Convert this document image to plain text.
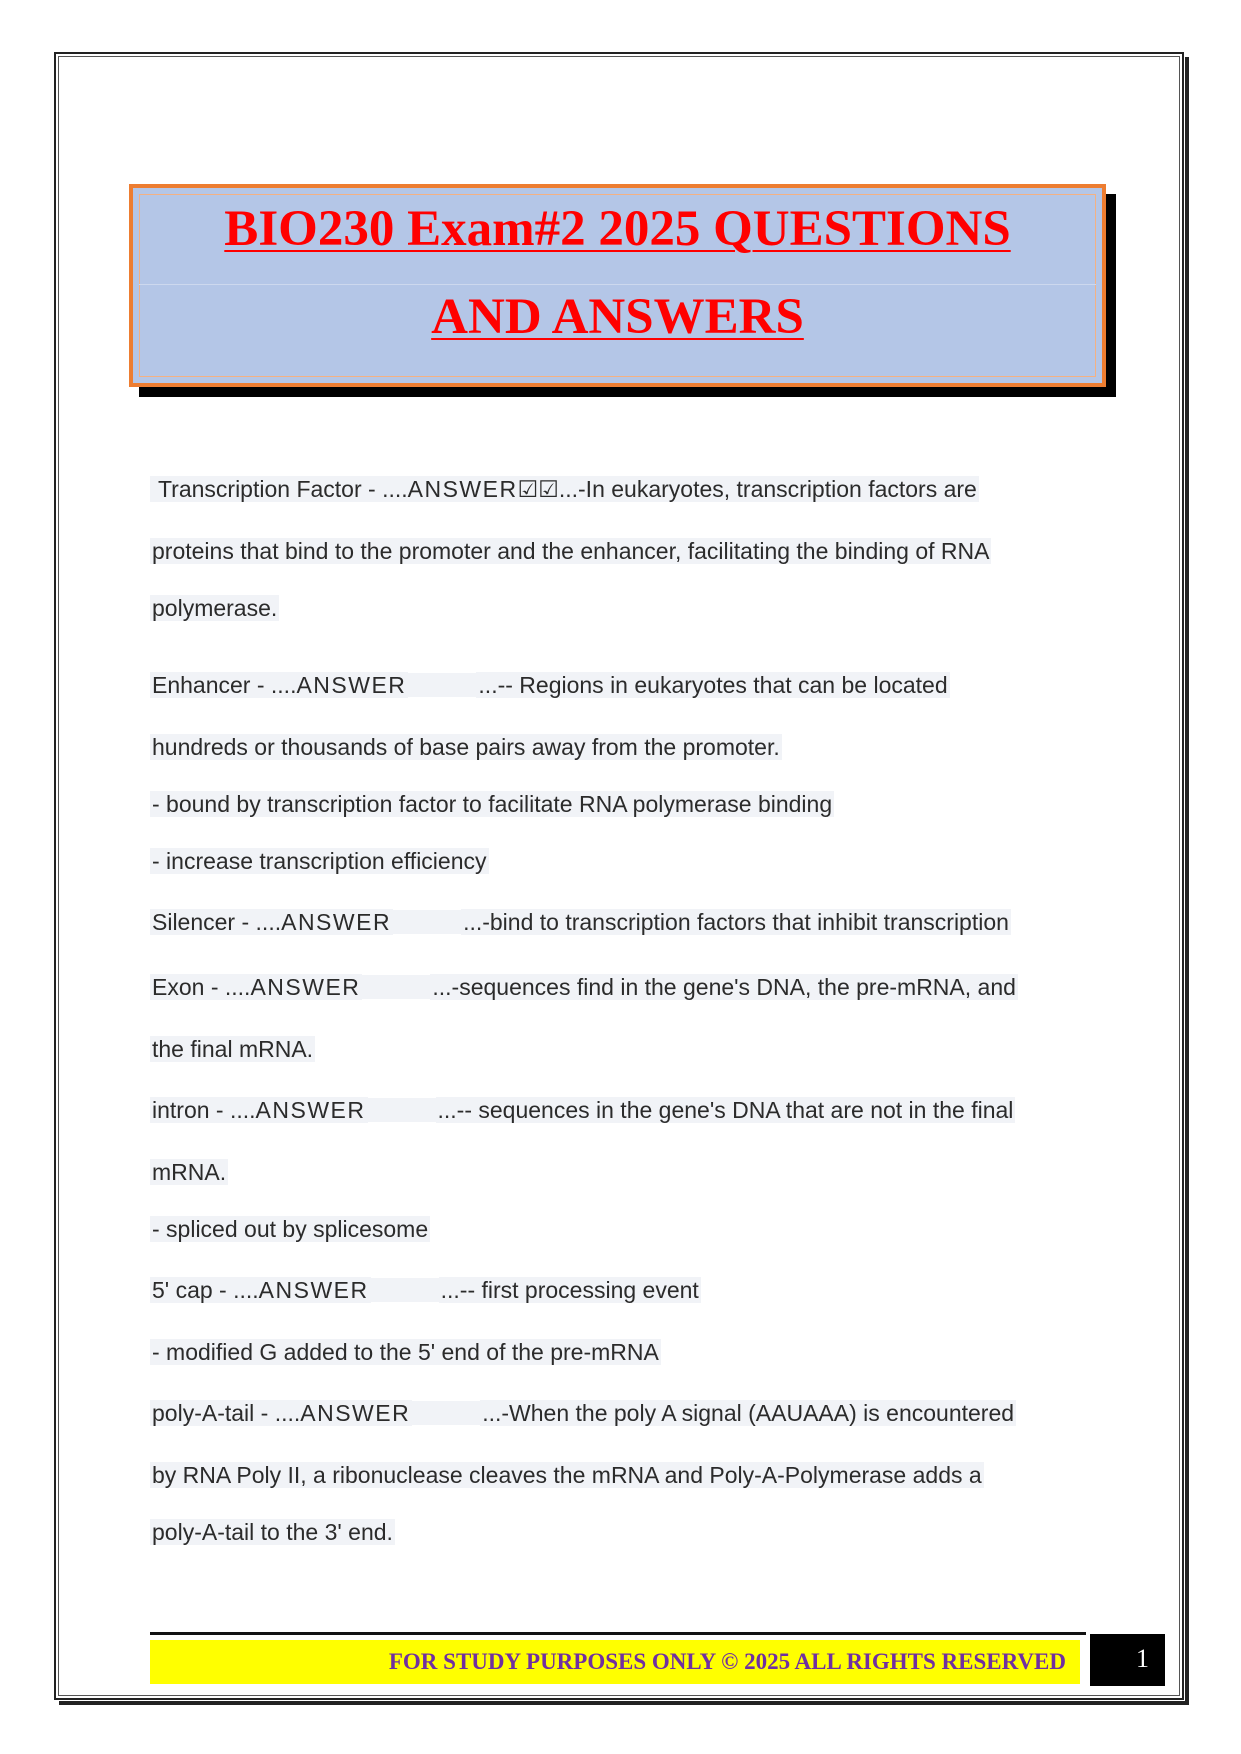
BIO230 Exam#2 2025 QUESTIONS
AND ANSWERS
Transcription Factor - ....ANSWER☑☑...-In eukaryotes, transcription factors are
proteins that bind to the promoter and the enhancer, facilitating the binding of RNA
polymerase.
Enhancer - ....ANSWER	...-- Regions in eukaryotes that can be located
hundreds or thousands of base pairs away from the promoter.
- bound by transcription factor to facilitate RNA polymerase binding
- increase transcription efficiency
Silencer - ....ANSWER	...-bind to transcription factors that inhibit transcription
Exon - ....ANSWER	...-sequences find in the gene's DNA, the pre-mRNA, and
the final mRNA.
intron - ....ANSWER	...-- sequences in the gene's DNA that are not in the final
mRNA.
- spliced out by splicesome
5' cap - ....ANSWER	...-- first processing event
- modified G added to the 5' end of the pre-mRNA
poly-A-tail - ....ANSWER	...-When the poly A signal (AAUAAA) is encountered
by RNA Poly II, a ribonuclease cleaves the mRNA and Poly-A-Polymerase adds a
poly-A-tail to the 3' end.
FOR STUDY PURPOSES ONLY © 2025 ALL RIGHTS RESERVED	1
